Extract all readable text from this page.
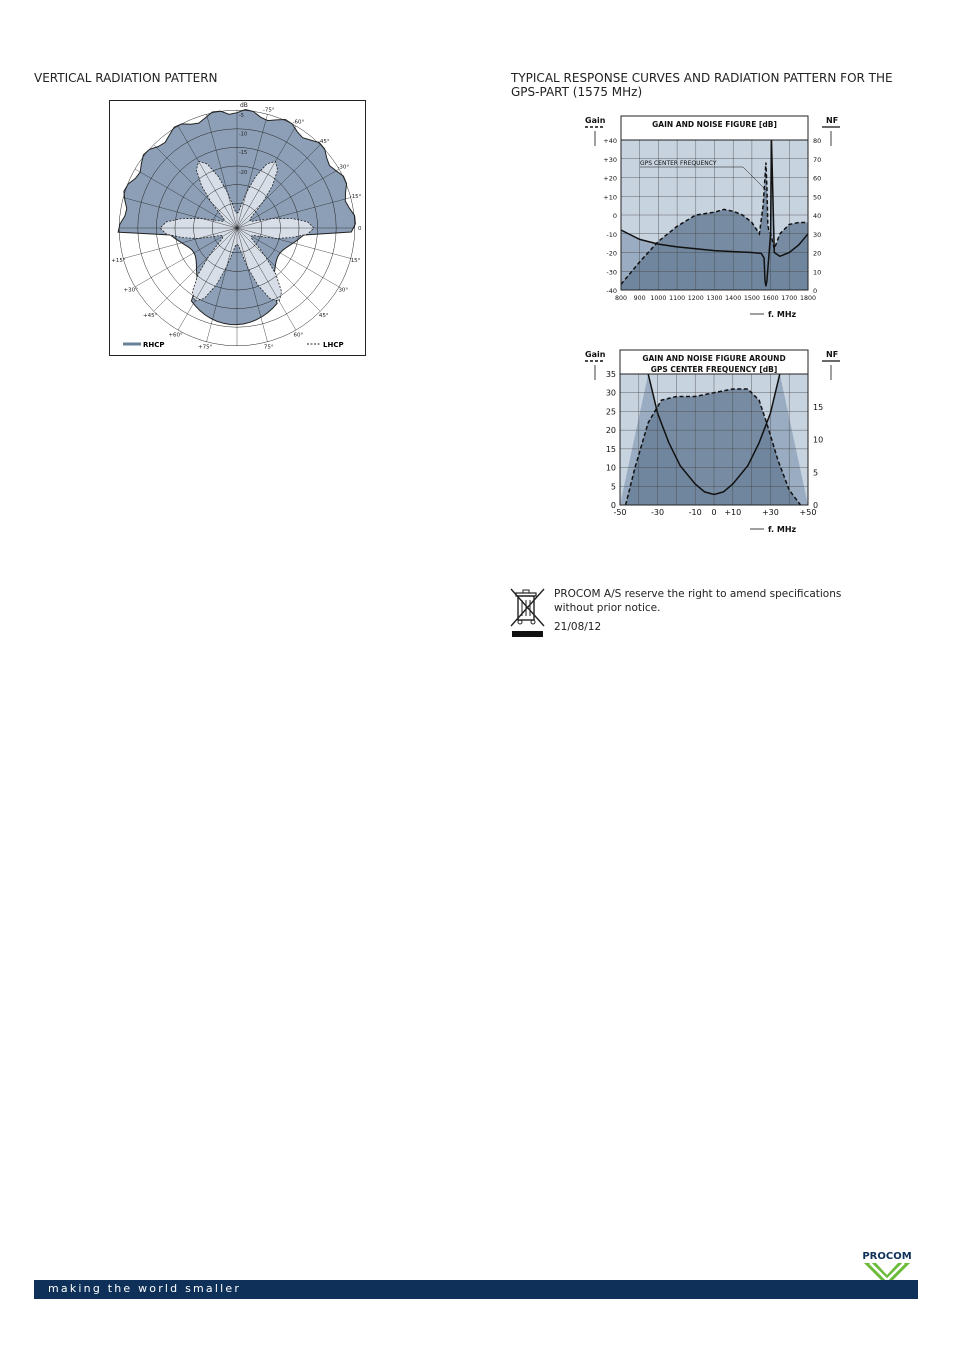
VERTICAL RADIATION PATTERN	TYPICAL RESPONSE CURVES AND RADIATION PATTERN FOR THE GPS-PART (1575 MHz)
-5
-10
-15
-20
dB
0
15°
30°
45°
60°
75°
-15°
-30°
-45°
-60°
-75°
+15°
+30°
+45°
+60°
+75°
RHCP	LHCP
GAIN AND NOISE FIGURE [dB]
Gain	NF
+40
+30
+20
+10
0
-10
-20
-30
-40
80
70
60
50
40
30
20
10
0
800 900 1000 1100 1200 1300 1400 1500 1600 1700 1800
f. MHz
GPS CENTER FREQUENCY
GAIN AND NOISE FIGURE AROUND
GPS CENTER FREQUENCY [dB]
Gain	NF
35
30
25
20
15
10
5
0
15
10
5
0
-50	-30	-10 0 +10	+30	+50
f. MHz
PROCOM A/S reserve the right to amend specifications without prior notice.
21/08/12
PROCOM
making the world smaller
